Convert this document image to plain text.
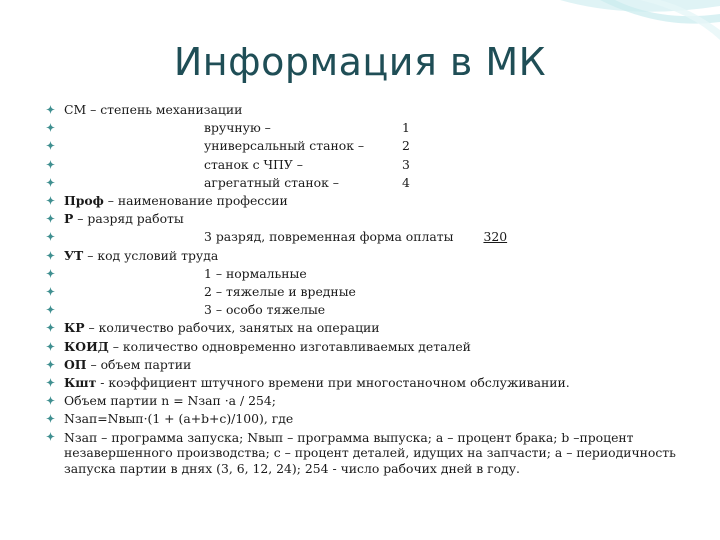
Информация в МК
СМ – степень механизации
вручную –	1
универсальный станок –	2
станок с ЧПУ –	3
агрегатный станок –	4
Проф – наименование профессии
Р – разряд работы
3 разряд, повременная форма оплаты 320
УТ – код условий труда
1 – нормальные
2 – тяжелые и вредные
3 – особо тяжелые
КР – количество рабочих, занятых на операции
КОИД – количество одновременно изготавливаемых деталей
ОП – объем партии
Кшт - коэффициент штучного времени при многостаночном обслуживании.
Объем партии n = Nзап ·a / 254;
Nзап=Nвып·(1 + (a+b+c)/100), где
Nзап – программа запуска; Nвып – программа выпуска; a – процент брака; b –процент незавершенного производства; c – процент деталей, идущих на запчасти; а – периодичность запуска партии в днях (3, 6, 12, 24); 254 - число рабочих дней в году.
